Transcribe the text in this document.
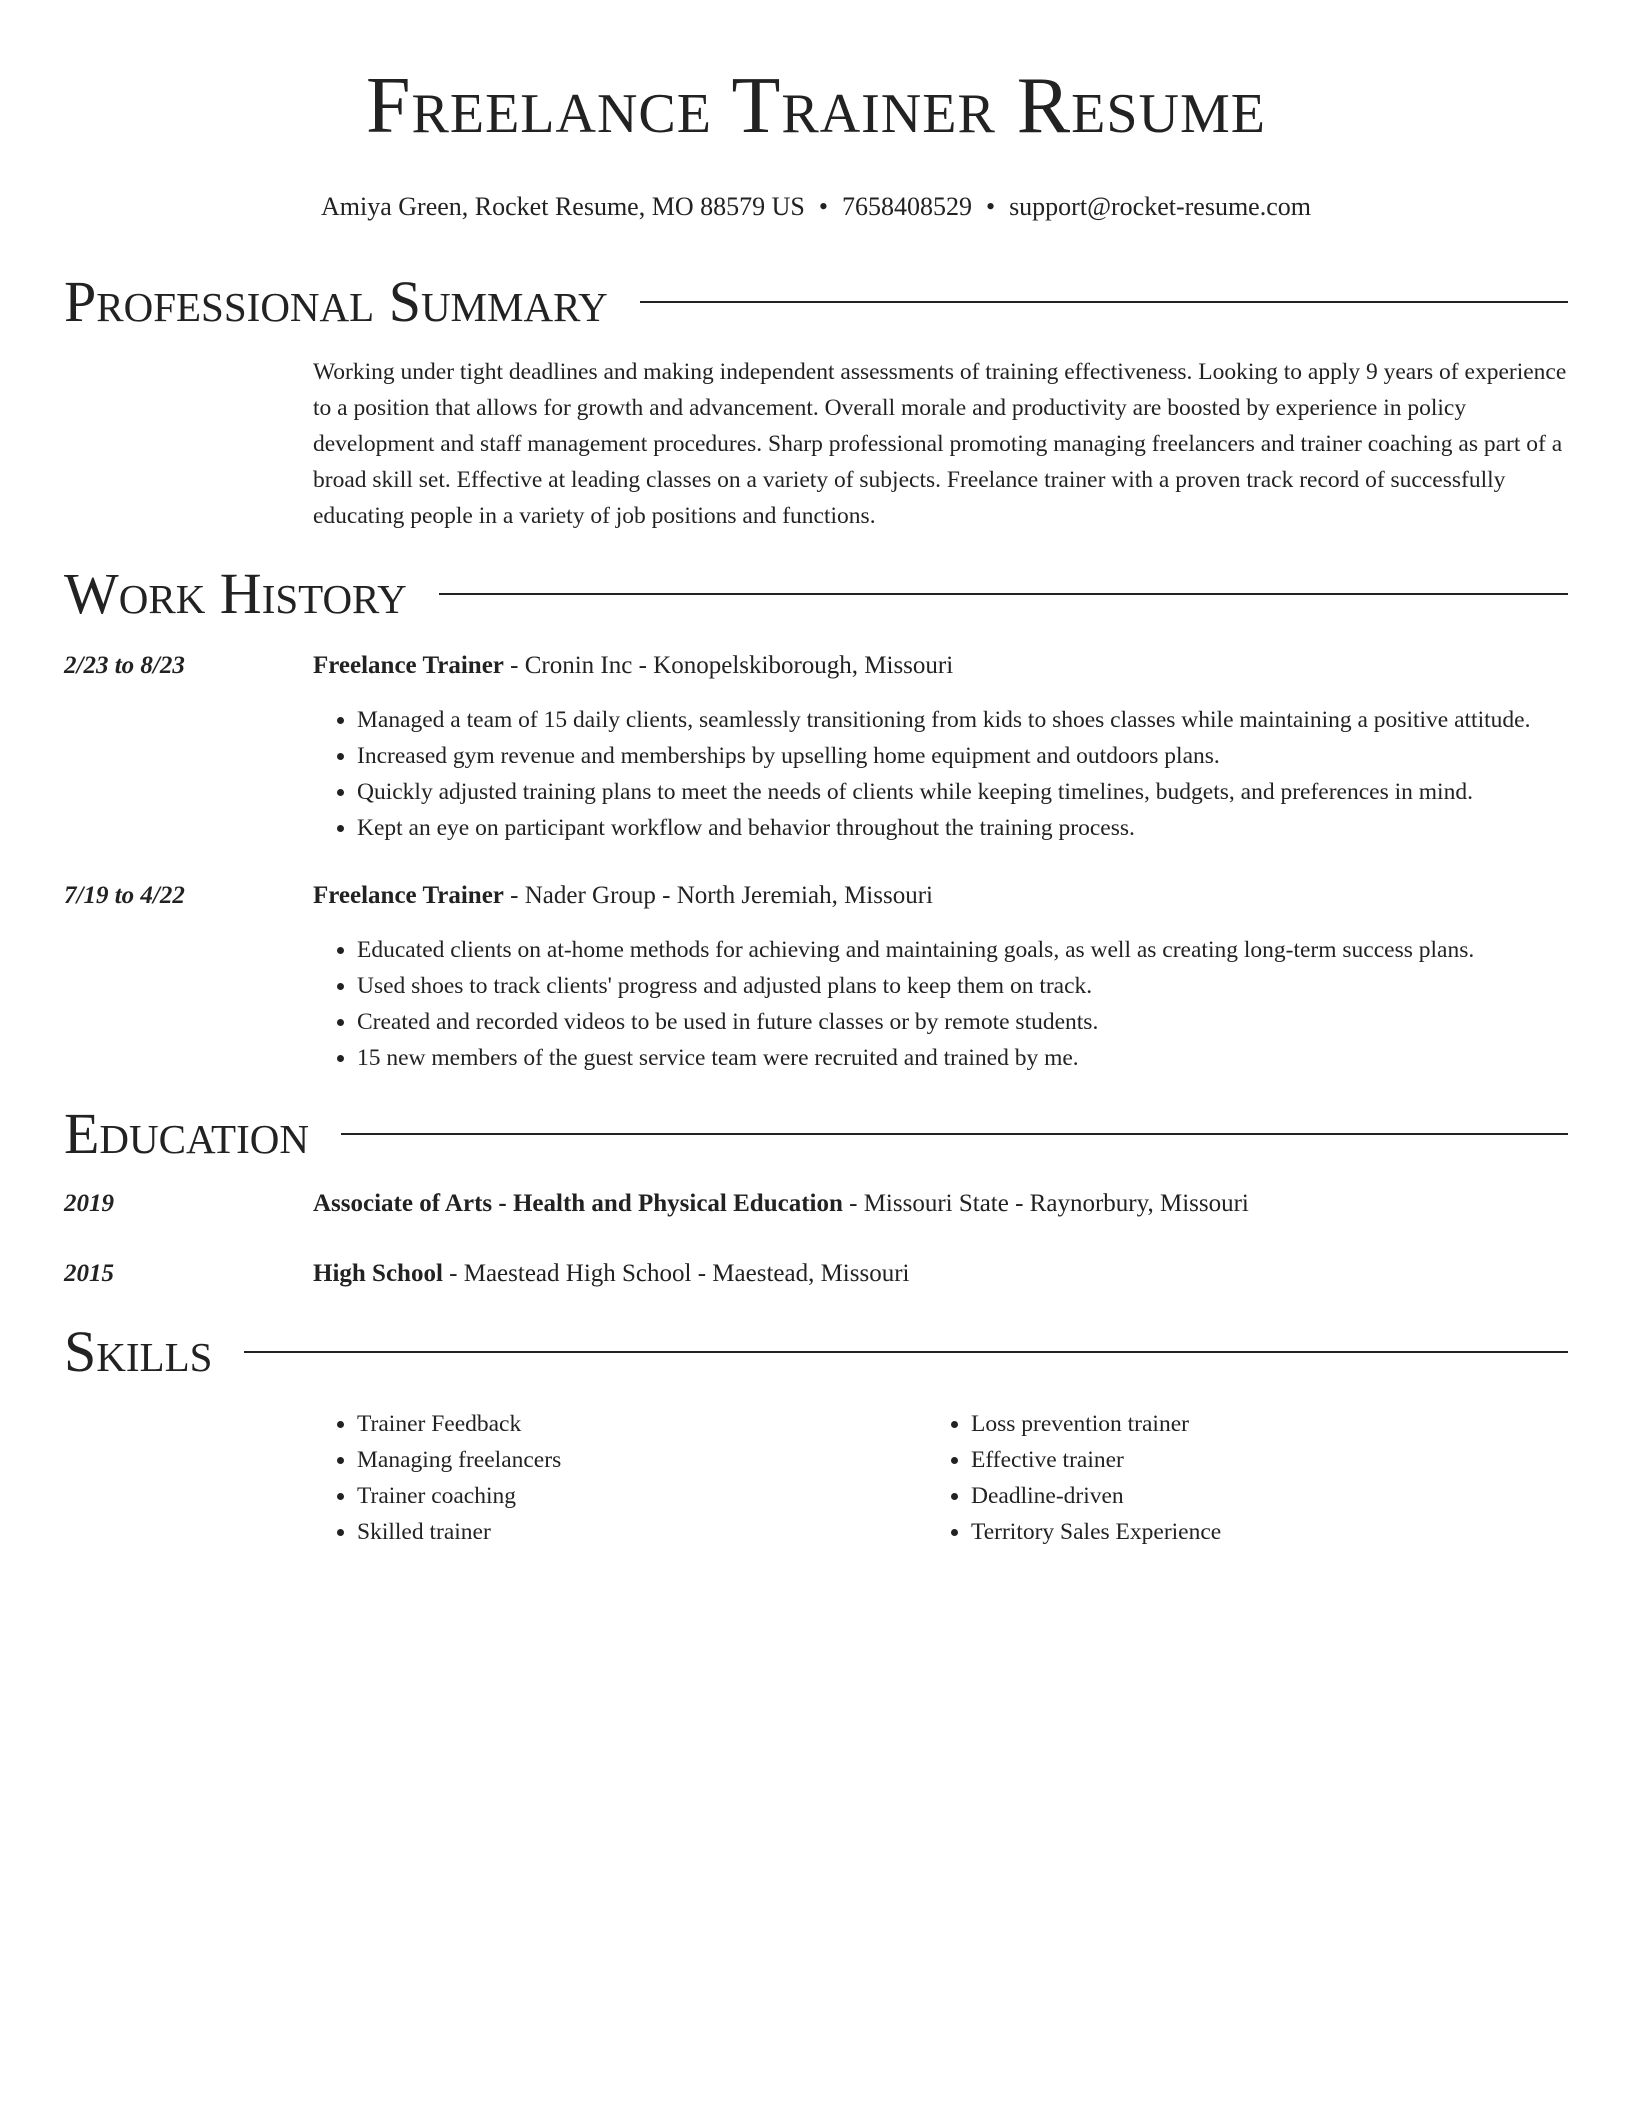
Freelance Trainer Resume
Amiya Green, Rocket Resume, MO 88579 US • 7658408529 • support@rocket-resume.com
Professional Summary

Working under tight deadlines and making independent assessments of training effectiveness. Looking to apply 9 years of experience to a position that allows for growth and advancement. Overall morale and productivity are boosted by experience in policy development and staff management procedures. Sharp professional promoting managing freelancers and trainer coaching as part of a broad skill set. Effective at leading classes on a variety of subjects. Freelance trainer with a proven track record of successfully educating people in a variety of job positions and functions.

Work History
2/23 to 8/23	Freelance Trainer - Cronin Inc - Konopelskiborough, Missouri
• Managed a team of 15 daily clients, seamlessly transitioning from kids to shoes classes while maintaining a positive attitude.
• Increased gym revenue and memberships by upselling home equipment and outdoors plans.
• Quickly adjusted training plans to meet the needs of clients while keeping timelines, budgets, and preferences in mind.
• Kept an eye on participant workflow and behavior throughout the training process.
7/19 to 4/22	Freelance Trainer - Nader Group - North Jeremiah, Missouri
• Educated clients on at-home methods for achieving and maintaining goals, as well as creating long-term success plans.
• Used shoes to track clients' progress and adjusted plans to keep them on track.
• Created and recorded videos to be used in future classes or by remote students.
• 15 new members of the guest service team were recruited and trained by me.
Education
2019	Associate of Arts - Health and Physical Education - Missouri State - Raynorbury, Missouri
2015	High School - Maestead High School - Maestead, Missouri
Skills
• Trainer Feedback
• Managing freelancers
• Trainer coaching
• Skilled trainer
• Loss prevention trainer
• Effective trainer
• Deadline-driven
• Territory Sales Experience
